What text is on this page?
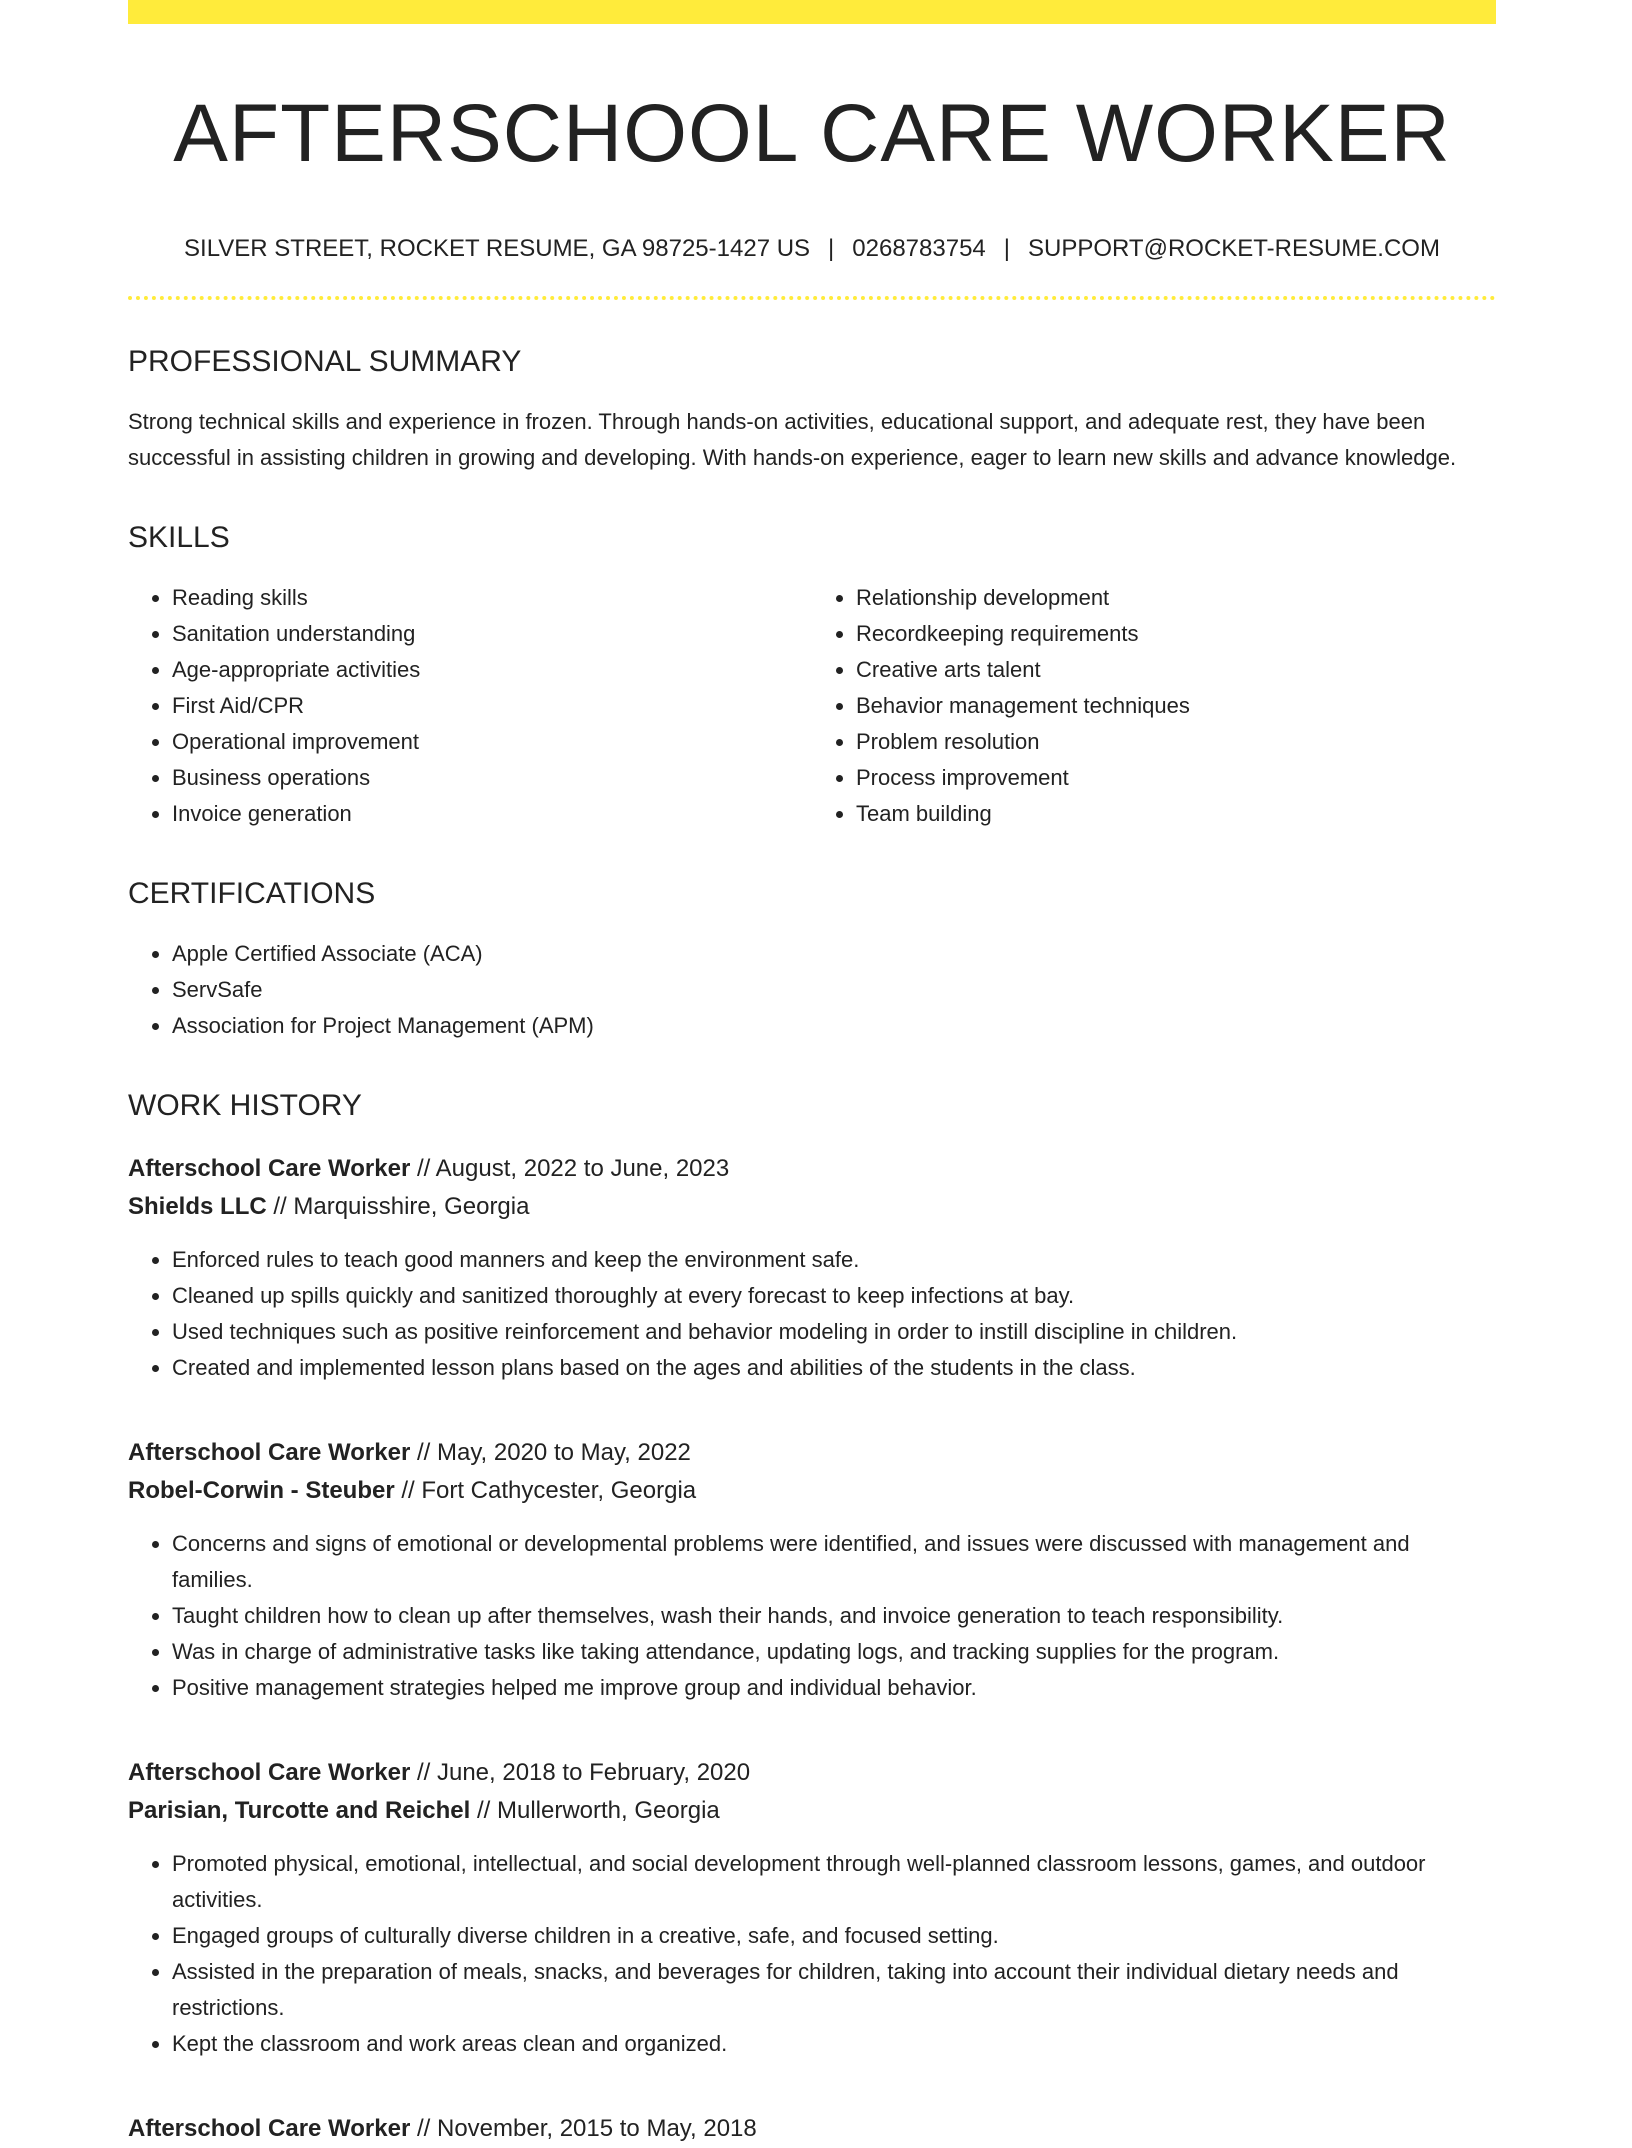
AFTERSCHOOL CARE WORKER
SILVER STREET, ROCKET RESUME, GA 98725-1427 US | 0268783754 | SUPPORT@ROCKET-RESUME.COM
PROFESSIONAL SUMMARY
Strong technical skills and experience in frozen. Through hands-on activities, educational support, and adequate rest, they have been successful in assisting children in growing and developing. With hands-on experience, eager to learn new skills and advance knowledge.
SKILLS
• Reading skills
• Sanitation understanding
• Age-appropriate activities
• First Aid/CPR
• Operational improvement
• Business operations
• Invoice generation
• Relationship development
• Recordkeeping requirements
• Creative arts talent
• Behavior management techniques
• Problem resolution
• Process improvement
• Team building
CERTIFICATIONS
• Apple Certified Associate (ACA)
• ServSafe
• Association for Project Management (APM)
WORK HISTORY
Afterschool Care Worker // August, 2022 to June, 2023
Shields LLC // Marquisshire, Georgia
• Enforced rules to teach good manners and keep the environment safe.
• Cleaned up spills quickly and sanitized thoroughly at every forecast to keep infections at bay.
• Used techniques such as positive reinforcement and behavior modeling in order to instill discipline in children.
• Created and implemented lesson plans based on the ages and abilities of the students in the class.
Afterschool Care Worker // May, 2020 to May, 2022
Robel-Corwin - Steuber // Fort Cathycester, Georgia
• Concerns and signs of emotional or developmental problems were identified, and issues were discussed with management and families.
• Taught children how to clean up after themselves, wash their hands, and invoice generation to teach responsibility.
• Was in charge of administrative tasks like taking attendance, updating logs, and tracking supplies for the program.
• Positive management strategies helped me improve group and individual behavior.
Afterschool Care Worker // June, 2018 to February, 2020
Parisian, Turcotte and Reichel // Mullerworth, Georgia
• Promoted physical, emotional, intellectual, and social development through well-planned classroom lessons, games, and outdoor activities.
• Engaged groups of culturally diverse children in a creative, safe, and focused setting.
• Assisted in the preparation of meals, snacks, and beverages for children, taking into account their individual dietary needs and restrictions.
• Kept the classroom and work areas clean and organized.
Afterschool Care Worker // November, 2015 to May, 2018
